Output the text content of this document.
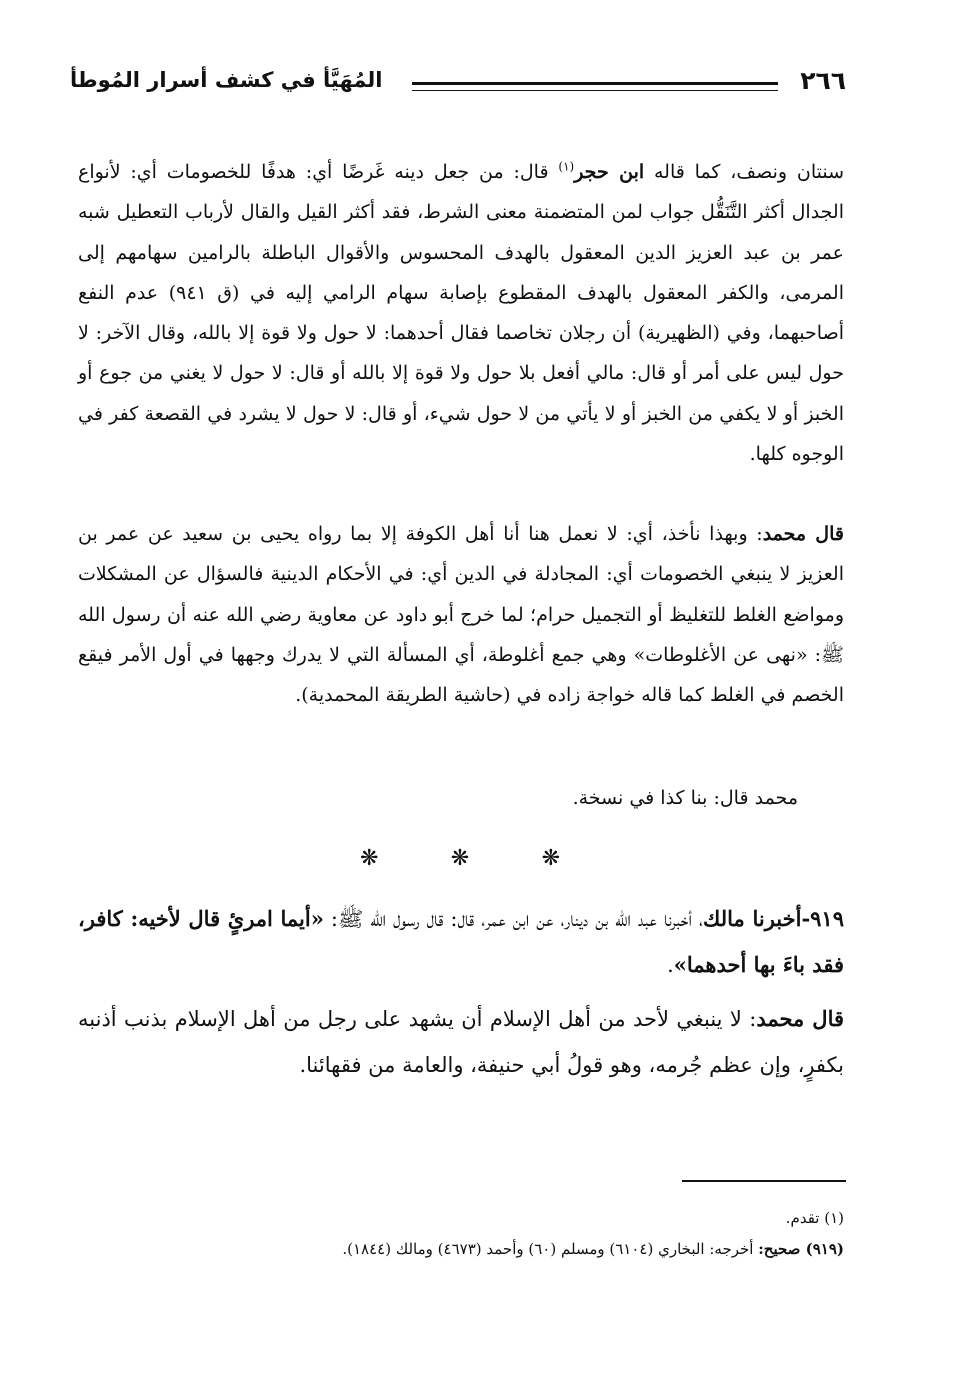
٢٦٦
المُهَيَّأ في كشف أسرار المُوطأ

سنتان ونصف، كما قاله ابن حجر$^{(١)}$ قال: من جعل دينه غَرضًا أي: هدفًا للخصومات أي: لأنواع الجدال أكثر التَّنَقُّل جواب لمن المتضمنة معنى الشرط، فقد أكثر القيل والقال لأرباب التعطيل شبه عمر بن عبد العزيز الدين المعقول بالهدف المحسوس والأقوال الباطلة بالرامين سهامهم إلى المرمى، والكفر المعقول بالهدف المقطوع بإصابة سهام الرامي إليه في (ق ٩٤١) عدم النفع أصاحبهما، وفي (الظهيرية) أن رجلان تخاصما فقال أحدهما: لا حول ولا قوة إلا بالله، وقال الآخر: لا حول ليس على أمر أو قال: مالي أفعل بلا حول ولا قوة إلا بالله أو قال: لا حول لا يغني من جوع أو الخبز أو لا يكفي من الخبز أو لا يأتي من لا حول شيء، أو قال: لا حول لا يشرد في القصعة كفر في الوجوه كلها.

قال محمد: وبهذا نأخذ، أي: لا نعمل هنا أنا أهل الكوفة إلا بما رواه يحيى بن سعيد عن عمر بن العزيز لا ينبغي الخصومات أي: المجادلة في الدين أي: في الأحكام الدينية فالسؤال عن المشكلات ومواضع الغلط للتغليظ أو التجميل حرام؛ لما خرج أبو داود عن معاوية رضي الله عنه أن رسول الله ﷺ: «نهى عن الأغلوطات» وهي جمع أغلوطة، أي المسألة التي لا يدرك وجهها في أول الأمر فيقع الخصم في الغلط كما قاله خواجة زاده في (حاشية الطريقة المحمدية).

محمد قال: بنا كذا في نسخة.

❋
❋
❋

٩١٩-أخبرنا مالك، أخبرنا عبد الله بن دينار، عن ابن عمر، قال: قال رسول الله ﷺ: «أيما امرئٍ قال لأخيه: كافر، فقد باءَ بها أحدهما».

قال محمد: لا ينبغي لأحد من أهل الإسلام أن يشهد على رجل من أهل الإسلام بذنب أذنبه بكفرٍ، وإن عظم جُرمه، وهو قولُ أبي حنيفة، والعامة من فقهائنا.

(١) تقدم.
(٩١٩) صحيح: أخرجه: البخاري (٦١٠٤) ومسلم (٦٠) وأحمد (٤٦٧٣) ومالك (١٨٤٤).
